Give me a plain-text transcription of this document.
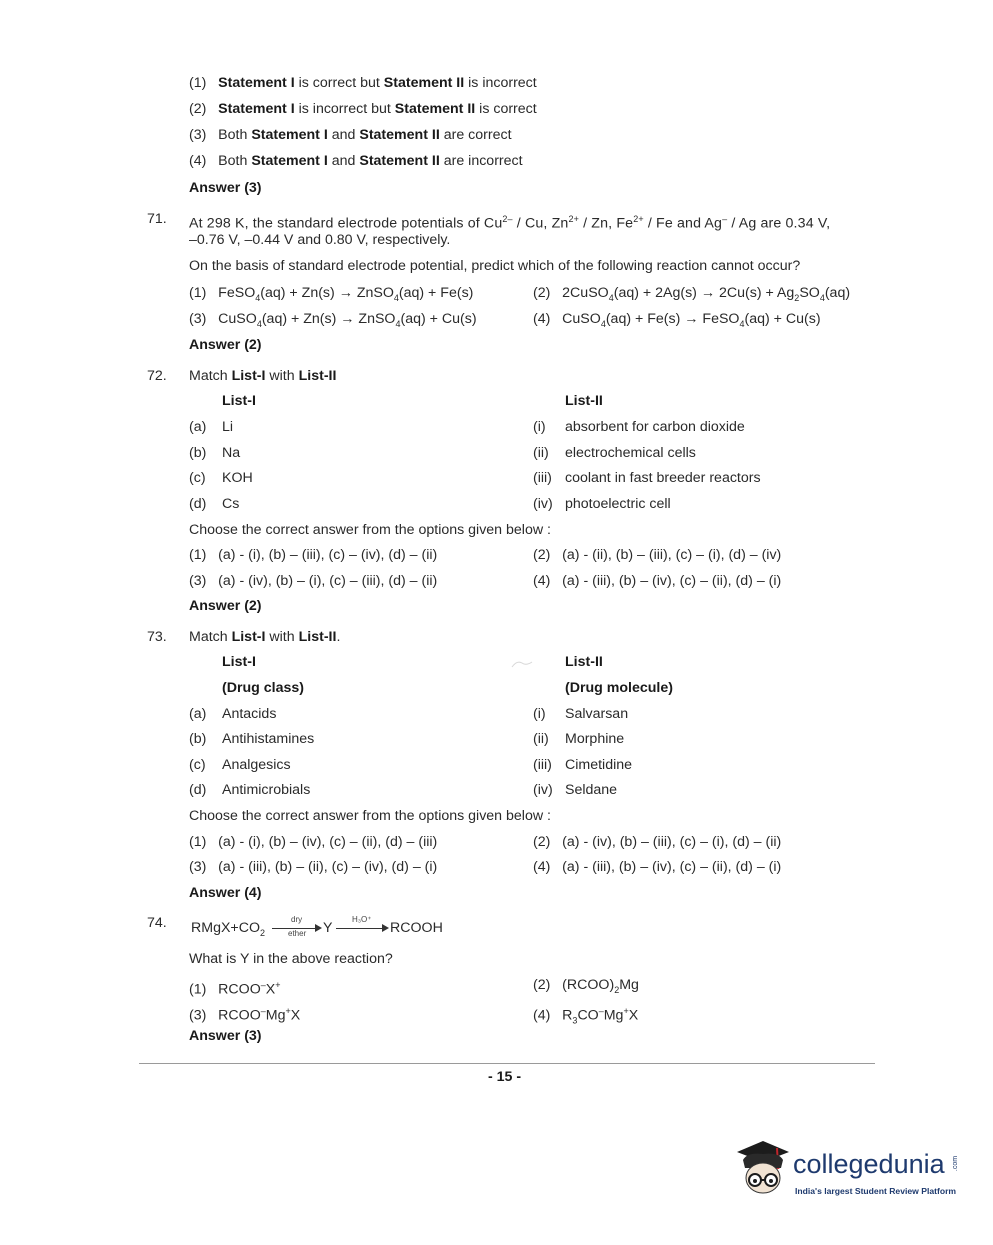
(1) Statement I is correct but Statement II is incorrect
(2) Statement I is incorrect but Statement II is correct
(3) Both Statement I and Statement II are correct
(4) Both Statement I and Statement II are incorrect
Answer (3)
71. At 298 K, the standard electrode potentials of $Cu^{2-}$ / Cu, $Zn^{2+}$ / Zn, $Fe^{2+}$ / Fe and Ag– / Ag are 0.34 V,
–0.76 V, –0.44 V and 0.80 V, respectively.
On the basis of standard electrode potential, predict which of the following reaction cannot occur?
(1) FeSO$_4$(aq) + Zn(s) → ZnSO$_4$(aq) + Fe(s)	(2) 2CuSO$_4$(aq) + $2Ag(s) \to 2Cu(s) + Ag_2SO_4(aq)$
(3) CuSO$_4$(aq) + Zn(s) → ZnSO$_4$(aq) + Cu(s)	(4) CuSO$_4$(aq) + Fe(s) → FeSO$_4$(aq) + Cu(s)
Answer (2)
72. Match List-I with List-II
List-I	List-II
(a) Li	(i) absorbent for carbon dioxide
(b) Na	(ii) electrochemical cells
(c) KOH	(iii) coolant in fast breeder reactors
(d) Cs	(iv) photoelectric cell
Choose the correct answer from the options given below :
(1) (a) - (i), (b) – (iii), (c) – (iv), (d) – (ii)	(2) (a) - (ii), (b) – (iii), (c) – (i), (d) – (iv)
(3) (a) - (iv), (b) – (i), (c) – (iii), (d) – (ii)	(4) (a) - (iii), (b) – (iv), (c) – (ii), (d) – (i)
Answer (2)
73. Match List-I with List-II.
List-I	List-II
(Drug class)	(Drug molecule)
(a) Antacids	(i) Salvarsan
(b) Antihistamines	(ii) Morphine
(c) Analgesics	(iii) Cimetidine
(d) Antimicrobials	(iv) Seldane
Choose the correct answer from the options given below :
(1) (a) - (i), (b) – (iv), (c) – (ii), (d) – (iii)	(2) (a) - (iv), (b) – (iii), (c) – (i), (d) – (ii)
(3) (a) - (iii), (b) – (ii), (c) – (iv), (d) – (i)	(4) (a) - (iii), (b) – (iv), (c) – (ii), (d) – (i)
Answer (4)
74. $RMgX+CO_2$
dry
ether Y
H₃O⁺
RCOOH
What is Y in the above reaction?
(1) RCOO–X+	(2) $(RCOO)_2Mg$
(3) RCOO–Mg+X	(4) $R_3CO^-Mg^+X$
Answer (3)
- 15 -
collegedunia .com
India's largest Student Review Platform
